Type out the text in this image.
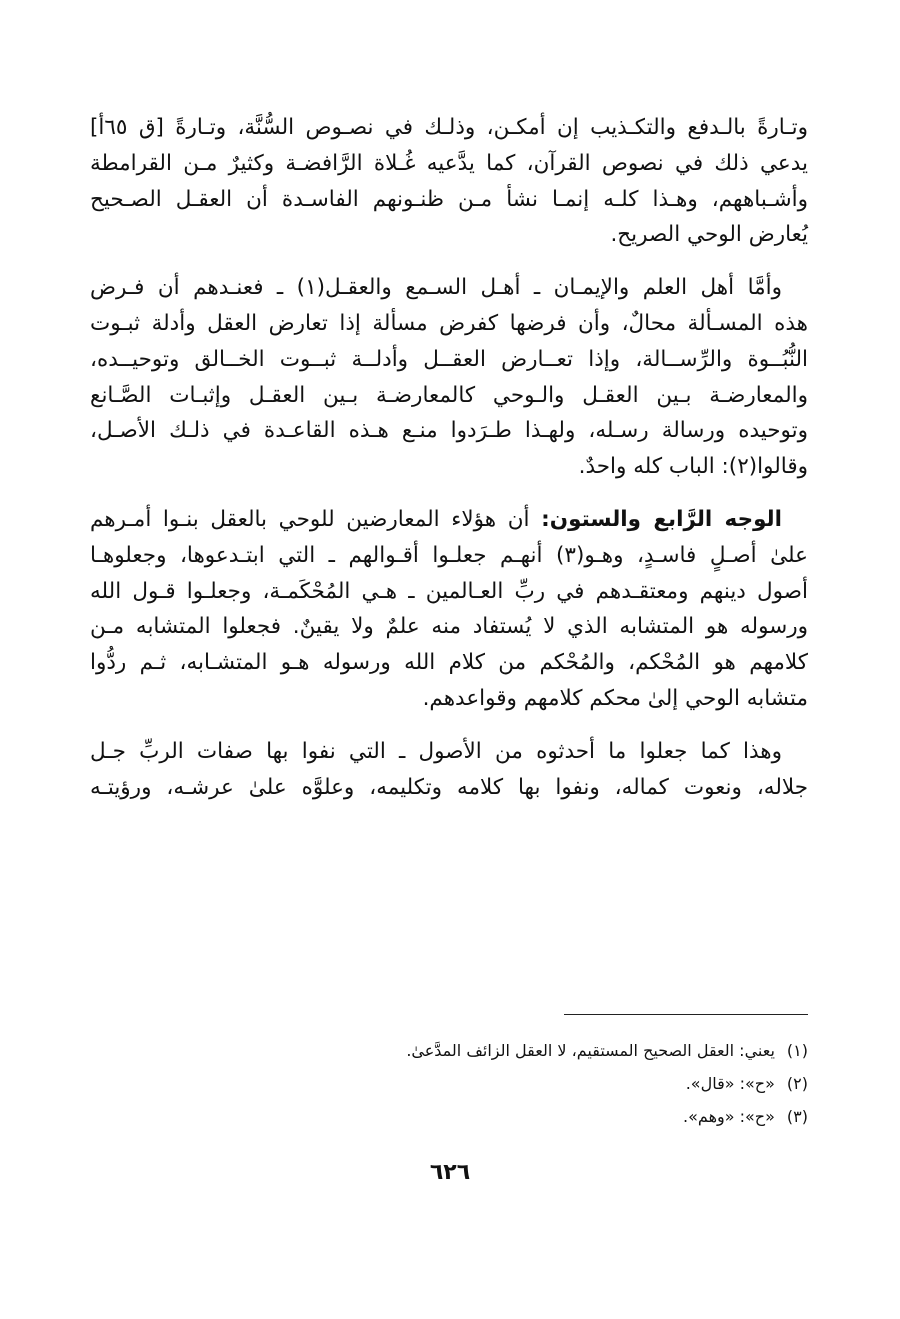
وتـارةً بالـدفع والتكـذيب إن أمكـن، وذلـك في نصـوص السُّنَّة، وتـارةً [ق ٦٥أ]
يدعي ذلك في نصوص القرآن، كما يدَّعيه غُـلاة الرَّافضـة وكثيرٌ مـن القرامطة
وأشـباههم، وهـذا كلـه إنمـا نشأ مـن ظنـونهم الفاسـدة أن العقـل الصـحيح
يُعارض الوحي الصريح.
وأمَّا أهل العلم والإيمـان ـ أهـل السـمع والعقـل(١) ـ فعنـدهم أن فـرض
هذه المسـألة محالٌ، وأن فرضها كفرض مسألة إذا تعارض العقل وأدلة ثبـوت
النُّبُــوة والرِّســالة، وإذا تعــارض العقــل وأدلــة ثبــوت الخــالق وتوحيــده،
والمعارضـة بـين العقـل والـوحي كالمعارضـة بـين العقـل وإثبـات الصَّـانع
وتوحيده ورسالة رسـله، ولهـذا طـرَدوا منـع هـذه القاعـدة في ذلـك الأصـل،
وقالوا(٢): الباب كله واحدٌ.
الوجه الرَّابع والستون: أن هؤلاء المعارضين للوحي بالعقل بنـوا أمـرهم
علىٰ أصـلٍ فاسـدٍ، وهـو(٣) أنهـم جعلـوا أقـوالهم ـ التي ابتـدعوها، وجعلوهـا
أصول دينهم ومعتقـدهم في ربِّ العـالمين ـ هـي المُحْكَمـة، وجعلـوا قـول الله
ورسوله هو المتشابه الذي لا يُستفاد منه علمٌ ولا يقينٌ. فجعلوا المتشابه مـن
كلامهم هو المُحْكم، والمُحْكم من كلام الله ورسوله هـو المتشـابه، ثـم ردُّوا
متشابه الوحي إلىٰ محكم كلامهم وقواعدهم.
وهذا كما جعلوا ما أحدثوه من الأصول ـ التي نفوا بها صفات الربِّ جـل
جلاله، ونعوت كماله، ونفوا بها كلامه وتكليمه، وعلوَّه علىٰ عرشـه، ورؤيتـه
(١)يعني: العقل الصحيح المستقيم، لا العقل الزائف المدَّعىٰ.
(٢)«ح»: «قال».
(٣)«ح»: «وهم».
٦٢٦
